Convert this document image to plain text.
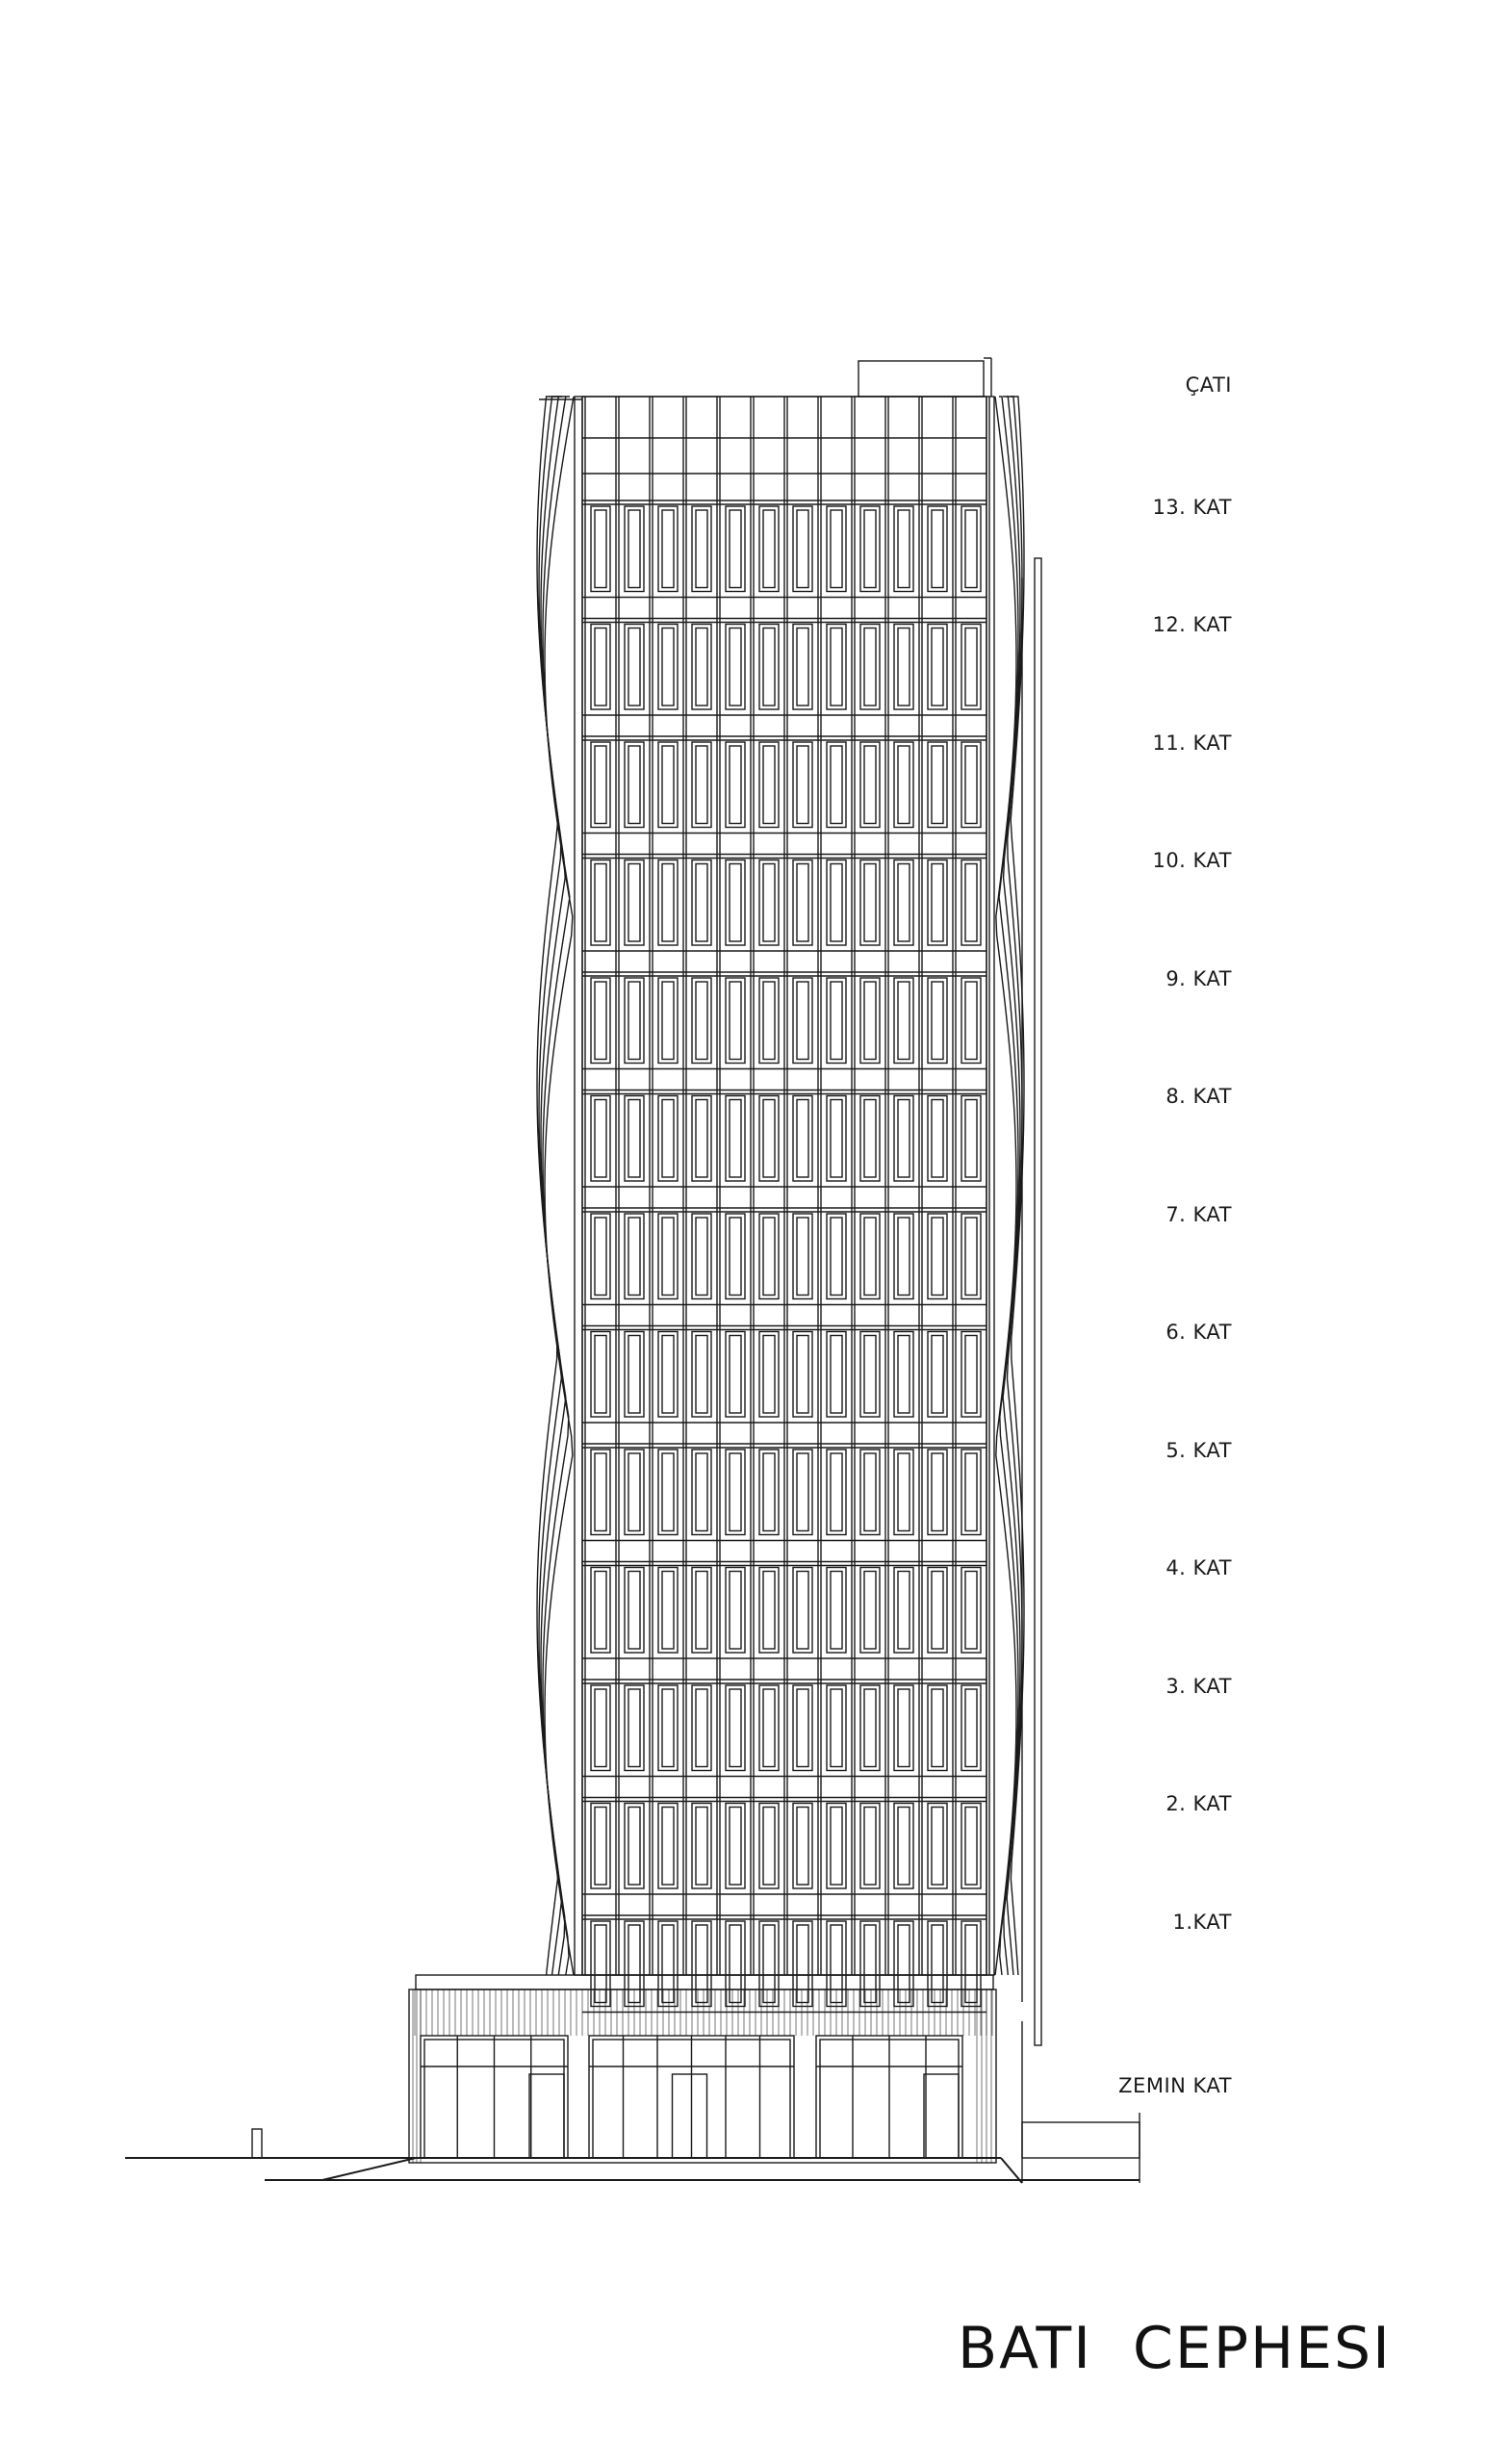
ÇATI
13. KAT
12. KAT
11. KAT
10. KAT
9. KAT
8. KAT
7. KAT
6. KAT
5. KAT
4. KAT
3. KAT
2. KAT
1.KAT
ZEMIN KAT
BATI  CEPHESI
